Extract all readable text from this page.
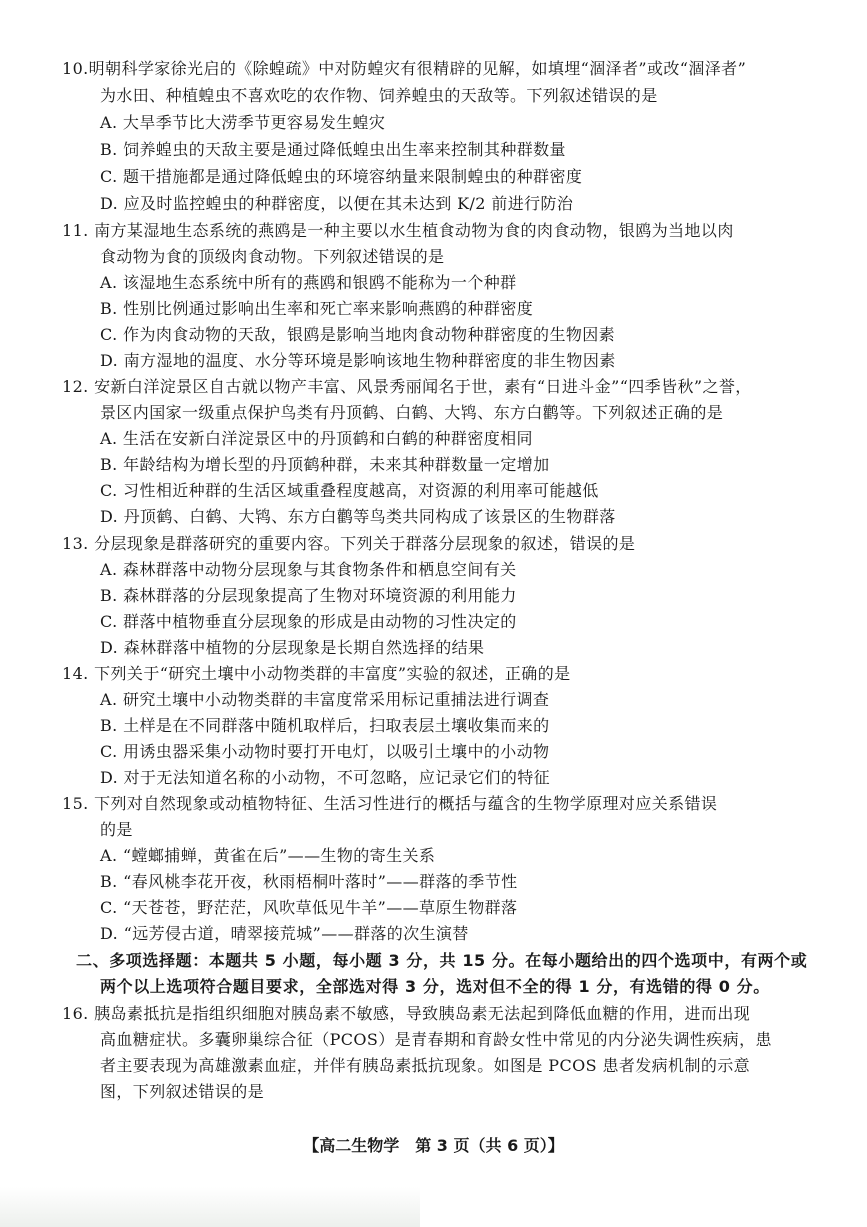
10.明朝科学家徐光启的《除蝗疏》中对防蝗灾有很精辟的见解，如填埋“涸泽者”或改“涸泽者”
为水田、种植蝗虫不喜欢吃的农作物、饲养蝗虫的天敌等。下列叙述错误的是
A. 大旱季节比大涝季节更容易发生蝗灾
B. 饲养蝗虫的天敌主要是通过降低蝗虫出生率来控制其种群数量
C. 题干措施都是通过降低蝗虫的环境容纳量来限制蝗虫的种群密度
D. 应及时监控蝗虫的种群密度，以便在其未达到 K/2 前进行防治
11. 南方某湿地生态系统的燕鸥是一种主要以水生植食动物为食的肉食动物，银鸥为当地以肉
食动物为食的顶级肉食动物。下列叙述错误的是
A. 该湿地生态系统中所有的燕鸥和银鸥不能称为一个种群
B. 性别比例通过影响出生率和死亡率来影响燕鸥的种群密度
C. 作为肉食动物的天敌，银鸥是影响当地肉食动物种群密度的生物因素
D. 南方湿地的温度、水分等环境是影响该地生物种群密度的非生物因素
12. 安新白洋淀景区自古就以物产丰富、风景秀丽闻名于世，素有“日进斗金”“四季皆秋”之誉，
景区内国家一级重点保护鸟类有丹顶鹤、白鹤、大鸨、东方白鹳等。下列叙述正确的是
A. 生活在安新白洋淀景区中的丹顶鹤和白鹤的种群密度相同
B. 年龄结构为增长型的丹顶鹤种群，未来其种群数量一定增加
C. 习性相近种群的生活区域重叠程度越高，对资源的利用率可能越低
D. 丹顶鹤、白鹤、大鸨、东方白鹳等鸟类共同构成了该景区的生物群落
13. 分层现象是群落研究的重要内容。下列关于群落分层现象的叙述，错误的是
A. 森林群落中动物分层现象与其食物条件和栖息空间有关
B. 森林群落的分层现象提高了生物对环境资源的利用能力
C. 群落中植物垂直分层现象的形成是由动物的习性决定的
D. 森林群落中植物的分层现象是长期自然选择的结果
14. 下列关于“研究土壤中小动物类群的丰富度”实验的叙述，正确的是
A. 研究土壤中小动物类群的丰富度常采用标记重捕法进行调查
B. 土样是在不同群落中随机取样后，扫取表层土壤收集而来的
C. 用诱虫器采集小动物时要打开电灯，以吸引土壤中的小动物
D. 对于无法知道名称的小动物，不可忽略，应记录它们的特征
15. 下列对自然现象或动植物特征、生活习性进行的概括与蕴含的生物学原理对应关系错误
的是
A. “螳螂捕蝉，黄雀在后”——生物的寄生关系
B. “春风桃李花开夜，秋雨梧桐叶落时”——群落的季节性
C. “天苍苍，野茫茫，风吹草低见牛羊”——草原生物群落
D. “远芳侵古道，晴翠接荒城”——群落的次生演替
二、多项选择题：本题共 5 小题，每小题 3 分，共 15 分。在每小题给出的四个选项中，有两个或
两个以上选项符合题目要求，全部选对得 3 分，选对但不全的得 1 分，有选错的得 0 分。
16. 胰岛素抵抗是指组织细胞对胰岛素不敏感，导致胰岛素无法起到降低血糖的作用，进而出现
高血糖症状。多囊卵巢综合征（PCOS）是青春期和育龄女性中常见的内分泌失调性疾病，患
者主要表现为高雄激素血症，并伴有胰岛素抵抗现象。如图是 PCOS 患者发病机制的示意
图，下列叙述错误的是
【高二生物学　第 3 页（共 6 页）】
